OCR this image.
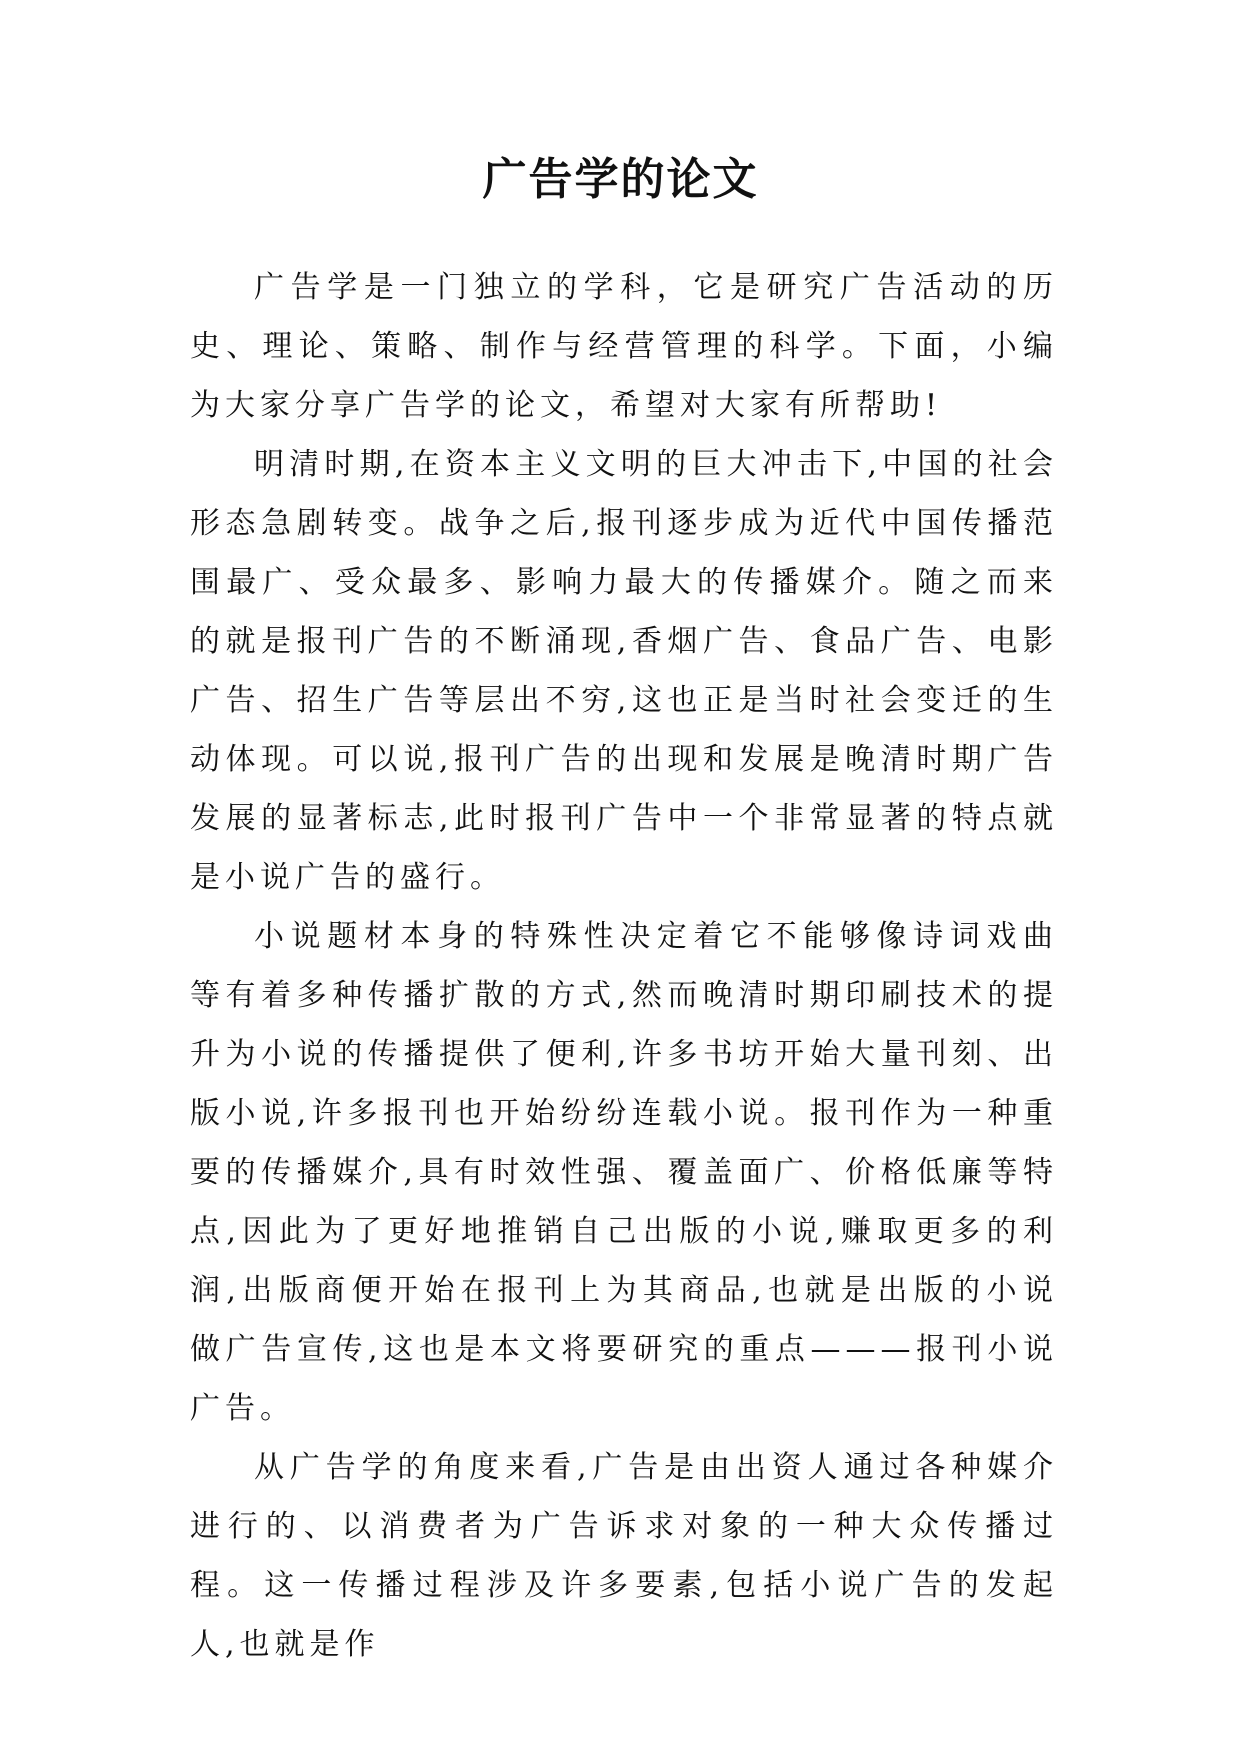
广告学的论文

广告学是一门独立的学科，它是研究广告活动的历史、理论、策略、制作与经营管理的科学。下面，小编为大家分享广告学的论文，希望对大家有所帮助!

明清时期,在资本主义文明的巨大冲击下,中国的社会形态急剧转变。战争之后,报刊逐步成为近代中国传播范围最广、受众最多、影响力最大的传播媒介。随之而来的就是报刊广告的不断涌现,香烟广告、食品广告、电影广告、招生广告等层出不穷,这也正是当时社会变迁的生动体现。可以说,报刊广告的出现和发展是晚清时期广告发展的显著标志,此时报刊广告中一个非常显著的特点就是小说广告的盛行。

小说题材本身的特殊性决定着它不能够像诗词戏曲等有着多种传播扩散的方式,然而晚清时期印刷技术的提升为小说的传播提供了便利,许多书坊开始大量刊刻、出版小说,许多报刊也开始纷纷连载小说。报刊作为一种重要的传播媒介,具有时效性强、覆盖面广、价格低廉等特点,因此为了更好地推销自己出版的小说,赚取更多的利润,出版商便开始在报刊上为其商品,也就是出版的小说做广告宣传,这也是本文将要研究的重点———报刊小说广告。

从广告学的角度来看,广告是由出资人通过各种媒介进行的、以消费者为广告诉求对象的一种大众传播过程。这一传播过程涉及许多要素,包括小说广告的发起人,也就是作
